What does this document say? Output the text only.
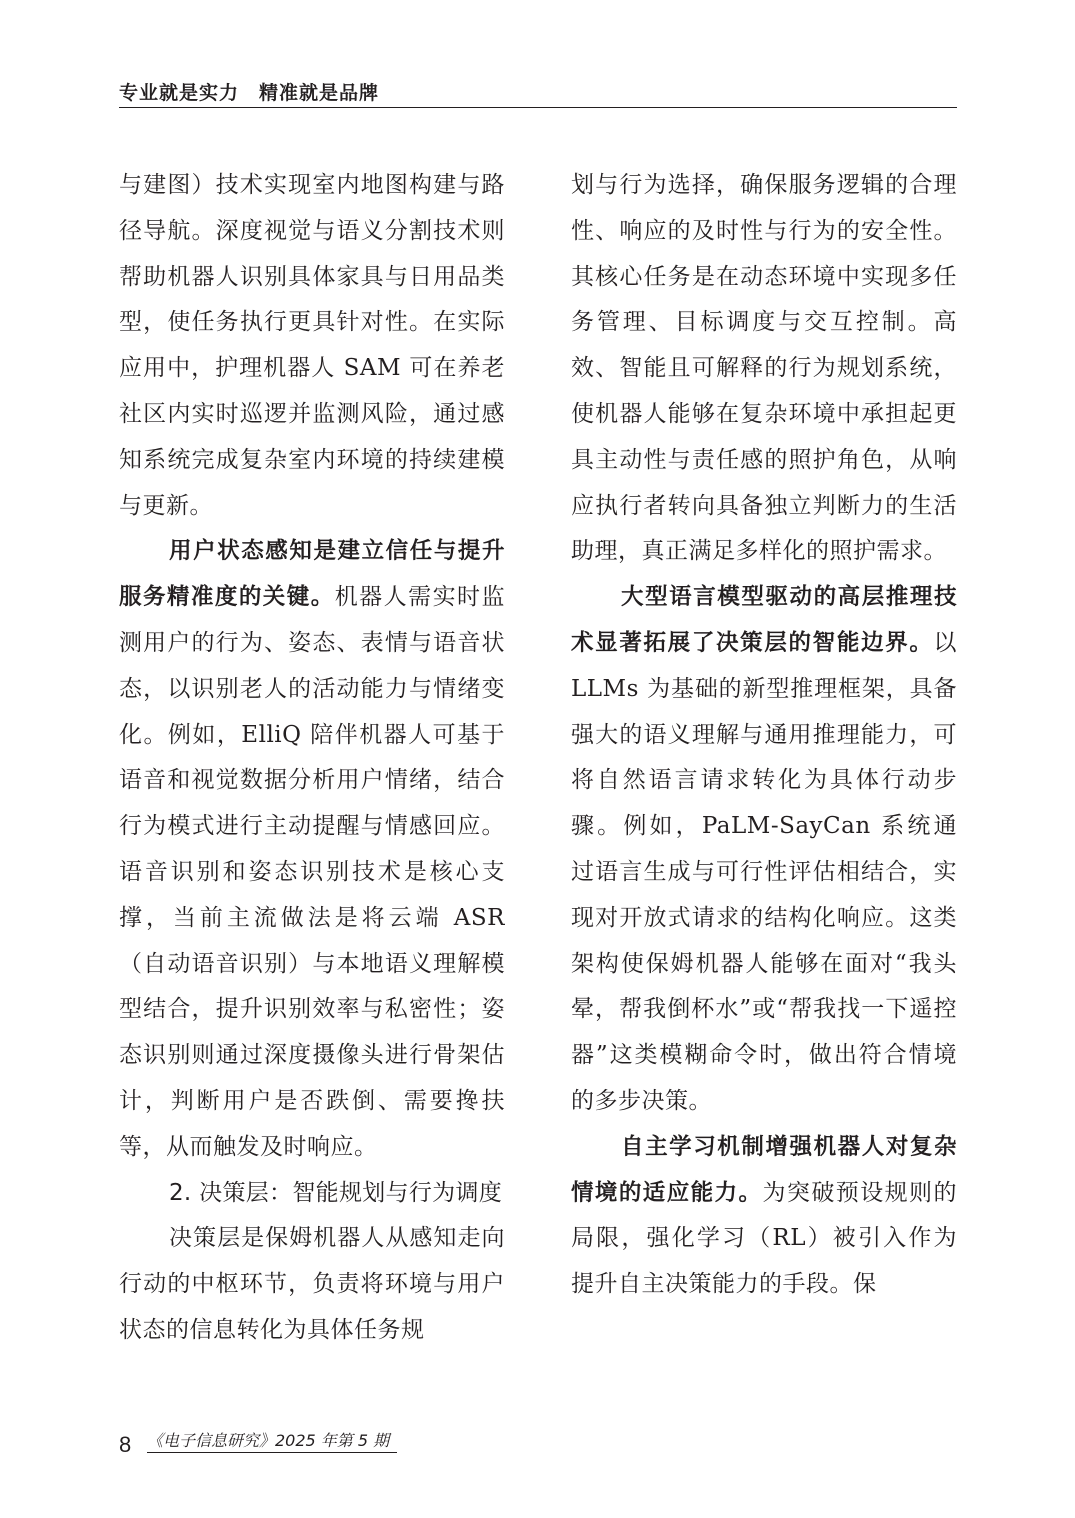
专业就是实力 精准就是品牌

与建图）技术实现室内地图构建与路径导航。深度视觉与语义分割技术则帮助机器人识别具体家具与日用品类型，使任务执行更具针对性。在实际应用中，护理机器人 SAM 可在养老社区内实时巡逻并监测风险，通过感知系统完成复杂室内环境的持续建模与更新。

用户状态感知是建立信任与提升服务精准度的关键。机器人需实时监测用户的行为、姿态、表情与语音状态，以识别老人的活动能力与情绪变化。例如，ElliQ 陪伴机器人可基于语音和视觉数据分析用户情绪，结合行为模式进行主动提醒与情感回应。语音识别和姿态识别技术是核心支撑，当前主流做法是将云端 ASR（自动语音识别）与本地语义理解模型结合，提升识别效率与私密性；姿态识别则通过深度摄像头进行骨架估计，判断用户是否跌倒、需要搀扶等，从而触发及时响应。

2. 决策层：智能规划与行为调度

决策层是保姆机器人从感知走向行动的中枢环节，负责将环境与用户状态的信息转化为具体任务规

划与行为选择，确保服务逻辑的合理性、响应的及时性与行为的安全性。其核心任务是在动态环境中实现多任务管理、目标调度与交互控制。高效、智能且可解释的行为规划系统，使机器人能够在复杂环境中承担起更具主动性与责任感的照护角色，从响应执行者转向具备独立判断力的生活助理，真正满足多样化的照护需求。

大型语言模型驱动的高层推理技术显著拓展了决策层的智能边界。以 LLMs 为基础的新型推理框架，具备强大的语义理解与通用推理能力，可将自然语言请求转化为具体行动步骤。例如，PaLM-SayCan 系统通过语言生成与可行性评估相结合，实现对开放式请求的结构化响应。这类架构使保姆机器人能够在面对“我头晕，帮我倒杯水”或“帮我找一下遥控器”这类模糊命令时，做出符合情境的多步决策。

自主学习机制增强机器人对复杂情境的适应能力。为突破预设规则的局限，强化学习（RL）被引入作为提升自主决策能力的手段。保

8 《电子信息研究》2025 年第 5 期
